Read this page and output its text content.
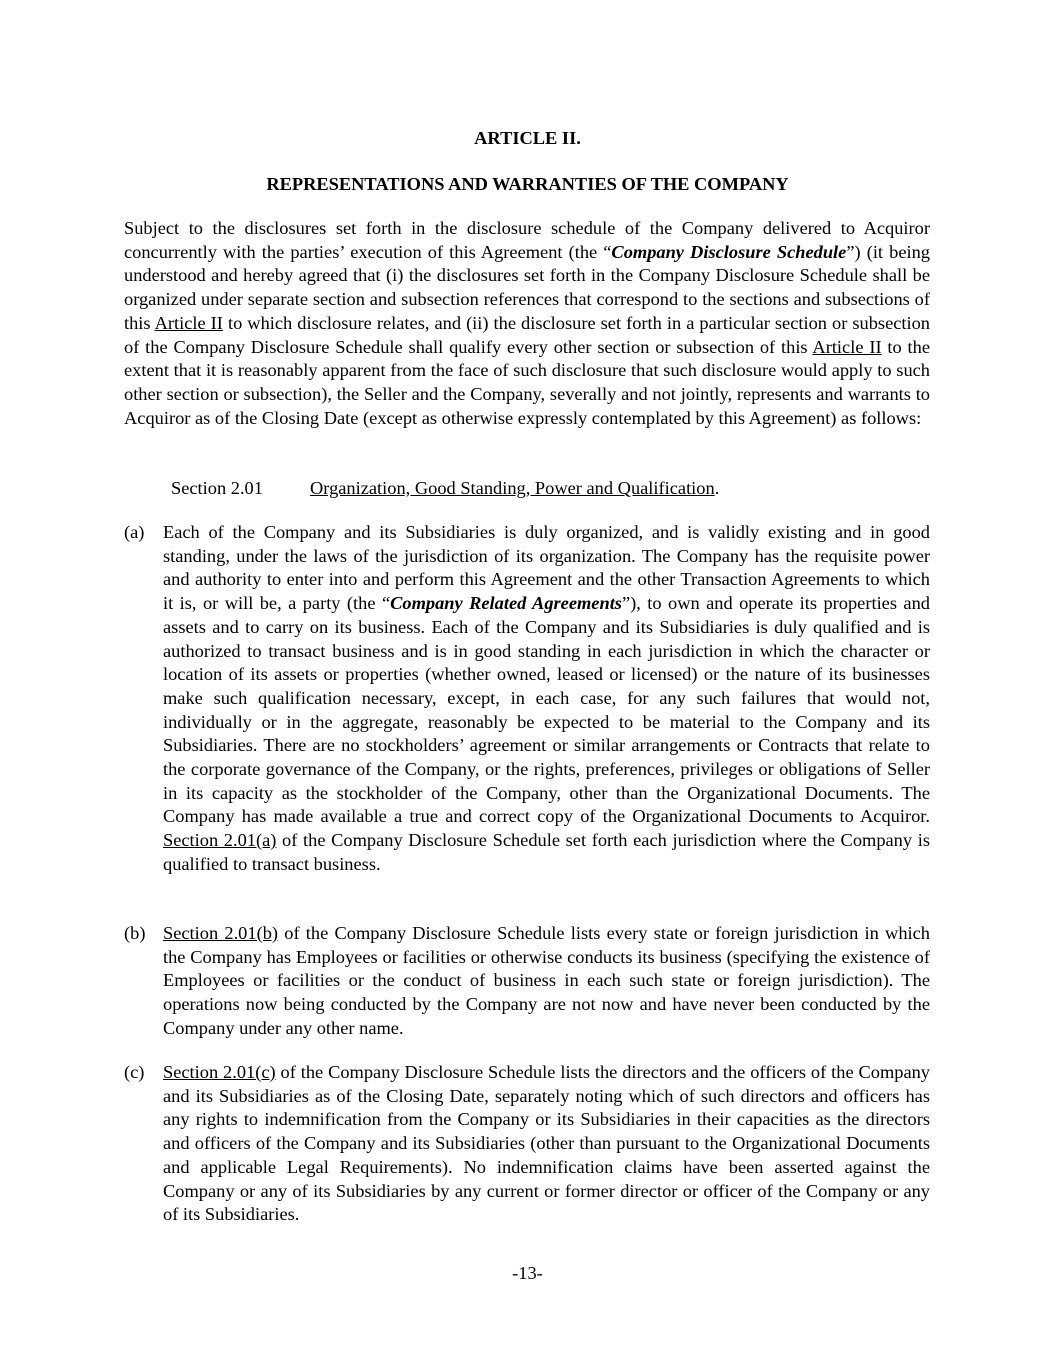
ARTICLE II.
REPRESENTATIONS AND WARRANTIES OF THE COMPANY

Subject to the disclosures set forth in the disclosure schedule of the Company delivered to Acquiror concurrently with the parties’ execution of this Agreement (the “Company Disclosure Schedule”) (it being understood and hereby agreed that (i) the disclosures set forth in the Company Disclosure Schedule shall be organized under separate section and subsection references that correspond to the sections and subsections of this Article II to which disclosure relates, and (ii) the disclosure set forth in a particular section or subsection of the Company Disclosure Schedule shall qualify every other section or subsection of this Article II to the extent that it is reasonably apparent from the face of such disclosure that such disclosure would apply to such other section or subsection), the Seller and the Company, severally and not jointly, represents and warrants to Acquiror as of the Closing Date (except as otherwise expressly contemplated by this Agreement) as follows:

Section 2.01	Organization, Good Standing, Power and Qualification.
(a) Each of the Company and its Subsidiaries is duly organized, and is validly existing and in good standing, under the laws of the jurisdiction of its organization. The Company has the requisite power and authority to enter into and perform this Agreement and the other Transaction Agreements to which it is, or will be, a party (the “Company Related Agreements”), to own and operate its properties and assets and to carry on its business. Each of the Company and its Subsidiaries is duly qualified and is authorized to transact business and is in good standing in each jurisdiction in which the character or location of its assets or properties (whether owned, leased or licensed) or the nature of its businesses make such qualification necessary, except, in each case, for any such failures that would not, individually or in the aggregate, reasonably be expected to be material to the Company and its Subsidiaries. There are no stockholders’ agreement or similar arrangements or Contracts that relate to the corporate governance of the Company, or the rights, preferences, privileges or obligations of Seller in its capacity as the stockholder of the Company, other than the Organizational Documents. The Company has made available a true and correct copy of the Organizational Documents to Acquiror. Section 2.01(a) of the Company Disclosure Schedule set forth each jurisdiction where the Company is qualified to transact business.

(b) Section 2.01(b) of the Company Disclosure Schedule lists every state or foreign jurisdiction in which the Company has Employees or facilities or otherwise conducts its business (specifying the existence of Employees or facilities or the conduct of business in each such state or foreign jurisdiction). The operations now being conducted by the Company are not now and have never been conducted by the Company under any other name.

(c) Section 2.01(c) of the Company Disclosure Schedule lists the directors and the officers of the Company and its Subsidiaries as of the Closing Date, separately noting which of such directors and officers has any rights to indemnification from the Company or its Subsidiaries in their capacities as the directors and officers of the Company and its Subsidiaries (other than pursuant to the Organizational Documents and applicable Legal Requirements). No indemnification claims have been asserted against the Company or any of its Subsidiaries by any current or former director or officer of the Company or any of its Subsidiaries.

-13-
